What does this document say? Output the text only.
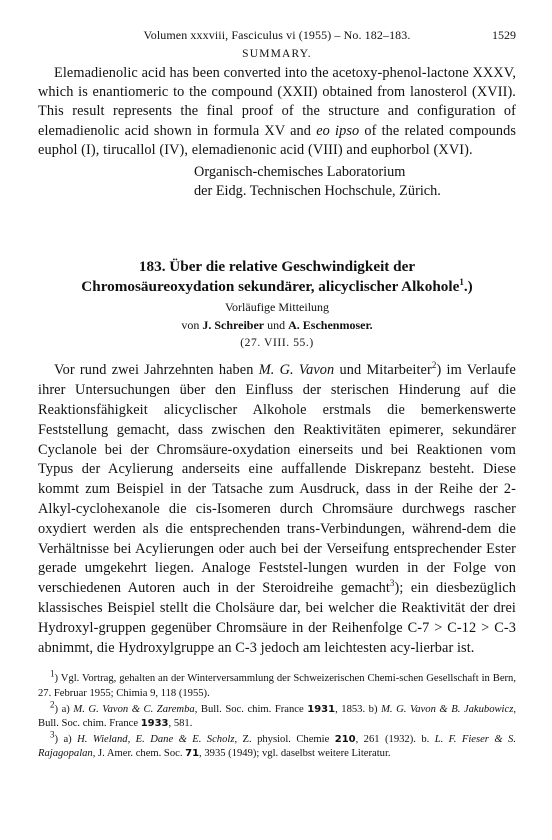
Volumen xxxviii, Fasciculus vi (1955) – No. 182–183.	1529
SUMMARY.

Elemadienolic acid has been converted into the acetoxy-phenol-lactone XXXV, which is enantiomeric to the compound (XXII) obtained from lanosterol (XVII). This result represents the final proof of the structure and configuration of elemadienolic acid shown in formula XV and eo ipso of the related compounds euphol (I), tirucallol (IV), elemadienonic acid (VIII) and euphorbol (XVI).

Organisch-chemisches Laboratorium
der Eidg. Technischen Hochschule, Zürich.
183. Über die relative Geschwindigkeit der
Chromosäureoxydation sekundärer, alicyclischer Alkohole$^1$.)
Vorläufige Mitteilung
von J. Schreiber und A. Eschenmoser.
(27. VIII. 55.)

Vor rund zwei Jahrzehnten haben M. G. Vavon und Mitarbeiter$^2$) im Verlaufe ihrer Untersuchungen über den Einfluss der sterischen Hinderung auf die Reaktionsfähigkeit alicyclischer Alkohole erstmals die bemerkenswerte Feststellung gemacht, dass zwischen den Reaktivitäten epimerer, sekundärer Cyclanole bei der Chromsäure-oxydation einerseits und bei Reaktionen vom Typus der Acylierung anderseits eine auffallende Diskrepanz besteht. Diese kommt zum Beispiel in der Tatsache zum Ausdruck, dass in der Reihe der 2-Alkyl-cyclohexanole die cis-Isomeren durch Chromsäure durchwegs rascher oxydiert werden als die entsprechenden trans-Verbindungen, während-dem die Verhältnisse bei Acylierungen oder auch bei der Verseifung entsprechender Ester gerade umgekehrt liegen. Analoge Feststel-lungen wurden in der Folge von verschiedenen Autoren auch in der Steroidreihe gemacht$^3$); ein diesbezüglich klassisches Beispiel stellt die Cholsäure dar, bei welcher die Reaktivität der drei Hydroxyl-gruppen gegenüber Chromsäure in der Reihenfolge C-7 > C-12 > C-3 abnimmt, die Hydroxylgruppe an C-3 jedoch am leichtesten acy-lierbar ist.

$^1$) Vgl. Vortrag, gehalten an der Winterversammlung der Schweizerischen Chemi-schen Gesellschaft in Bern, 27. Februar 1955; Chimia 9, 118 (1955).

$^2$) a) M. G. Vavon & C. Zaremba, Bull. Soc. chim. France 1931, 1853. b) M. G. Vavon & B. Jakubowicz, Bull. Soc. chim. France 1933, 581.

$^3$) a) H. Wieland, E. Dane & E. Scholz, Z. physiol. Chemie 210, 261 (1932). b. L. F. Fieser & S. Rajagopalan, J. Amer. chem. Soc. 71, 3935 (1949); vgl. daselbst weitere Literatur.
